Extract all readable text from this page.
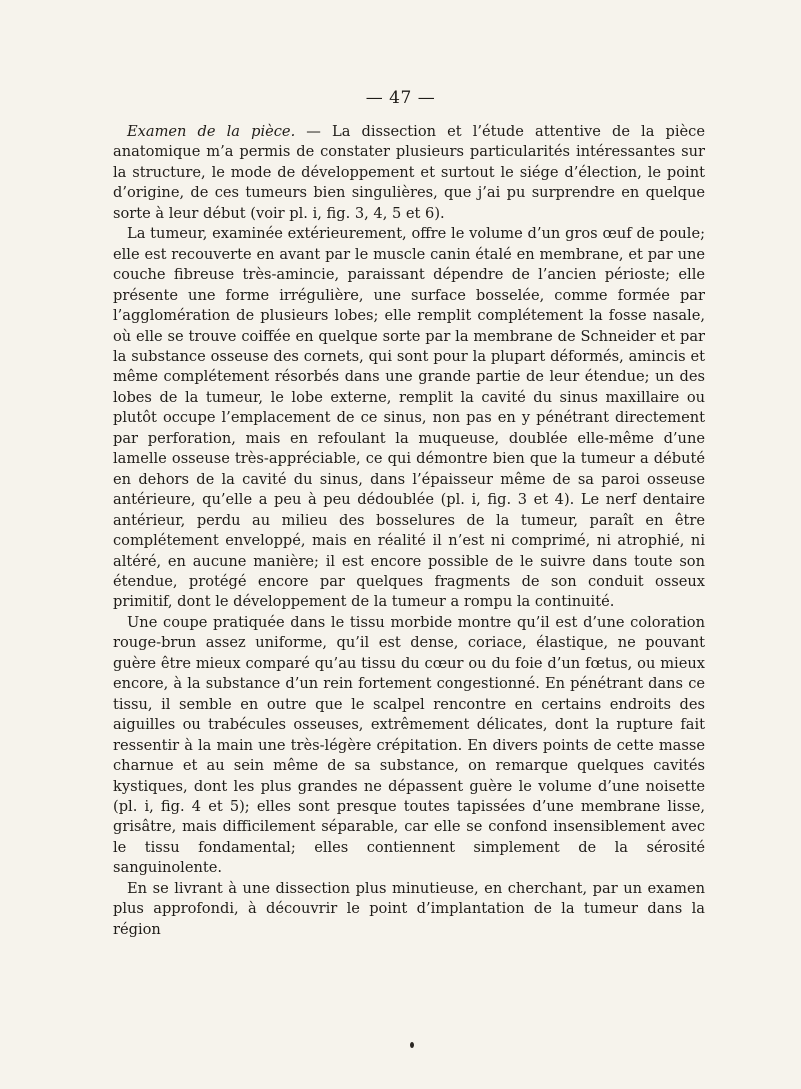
— 47 —

Examen de la pièce. — La dissection et l’étude attentive de la pièce anatomique m’a permis de constater plusieurs particularités intéressantes sur la structure, le mode de développement et surtout le siége d’élection, le point d’origine, de ces tumeurs bien singulières, que j’ai pu surprendre en quelque sorte à leur début (voir pl. i, fig. 3, 4, 5 et 6).

La tumeur, examinée extérieurement, offre le volume d’un gros œuf de poule; elle est recouverte en avant par le muscle canin étalé en membrane, et par une couche fibreuse très-amincie, paraissant dépendre de l’ancien périoste; elle présente une forme irrégulière, une surface bosselée, comme formée par l’agglomération de plusieurs lobes; elle remplit complétement la fosse nasale, où elle se trouve coiffée en quelque sorte par la membrane de Schneider et par la substance osseuse des cornets, qui sont pour la plupart déformés, amincis et même complétement résorbés dans une grande partie de leur étendue; un des lobes de la tumeur, le lobe externe, remplit la cavité du sinus maxillaire ou plutôt occupe l’emplacement de ce sinus, non pas en y pénétrant directement par perforation, mais en refoulant la muqueuse, doublée elle-même d’une lamelle osseuse très-appréciable, ce qui démontre bien que la tumeur a débuté en dehors de la cavité du sinus, dans l’épaisseur même de sa paroi osseuse antérieure, qu’elle a peu à peu dédoublée (pl. i, fig. 3 et 4). Le nerf dentaire antérieur, perdu au milieu des bosselures de la tumeur, paraît en être complétement enveloppé, mais en réalité il n’est ni comprimé, ni atrophié, ni altéré, en aucune manière; il est encore possible de le suivre dans toute son étendue, protégé encore par quelques fragments de son conduit osseux primitif, dont le développement de la tumeur a rompu la continuité.

Une coupe pratiquée dans le tissu morbide montre qu’il est d’une coloration rouge-brun assez uniforme, qu’il est dense, coriace, élastique, ne pouvant guère être mieux comparé qu’au tissu du cœur ou du foie d’un fœtus, ou mieux encore, à la substance d’un rein fortement congestionné. En pénétrant dans ce tissu, il semble en outre que le scalpel rencontre en certains endroits des aiguilles ou trabécules osseuses, extrêmement délicates, dont la rupture fait ressentir à la main une très-légère crépitation. En divers points de cette masse charnue et au sein même de sa substance, on remarque quelques cavités kystiques, dont les plus grandes ne dépassent guère le volume d’une noisette (pl. i, fig. 4 et 5); elles sont presque toutes tapissées d’une membrane lisse, grisâtre, mais difficilement séparable, car elle se confond insensiblement avec le tissu fondamental; elles contiennent simplement de la sérosité sanguinolente.

En se livrant à une dissection plus minutieuse, en cherchant, par un examen plus approfondi, à découvrir le point d’implantation de la tumeur dans la région
